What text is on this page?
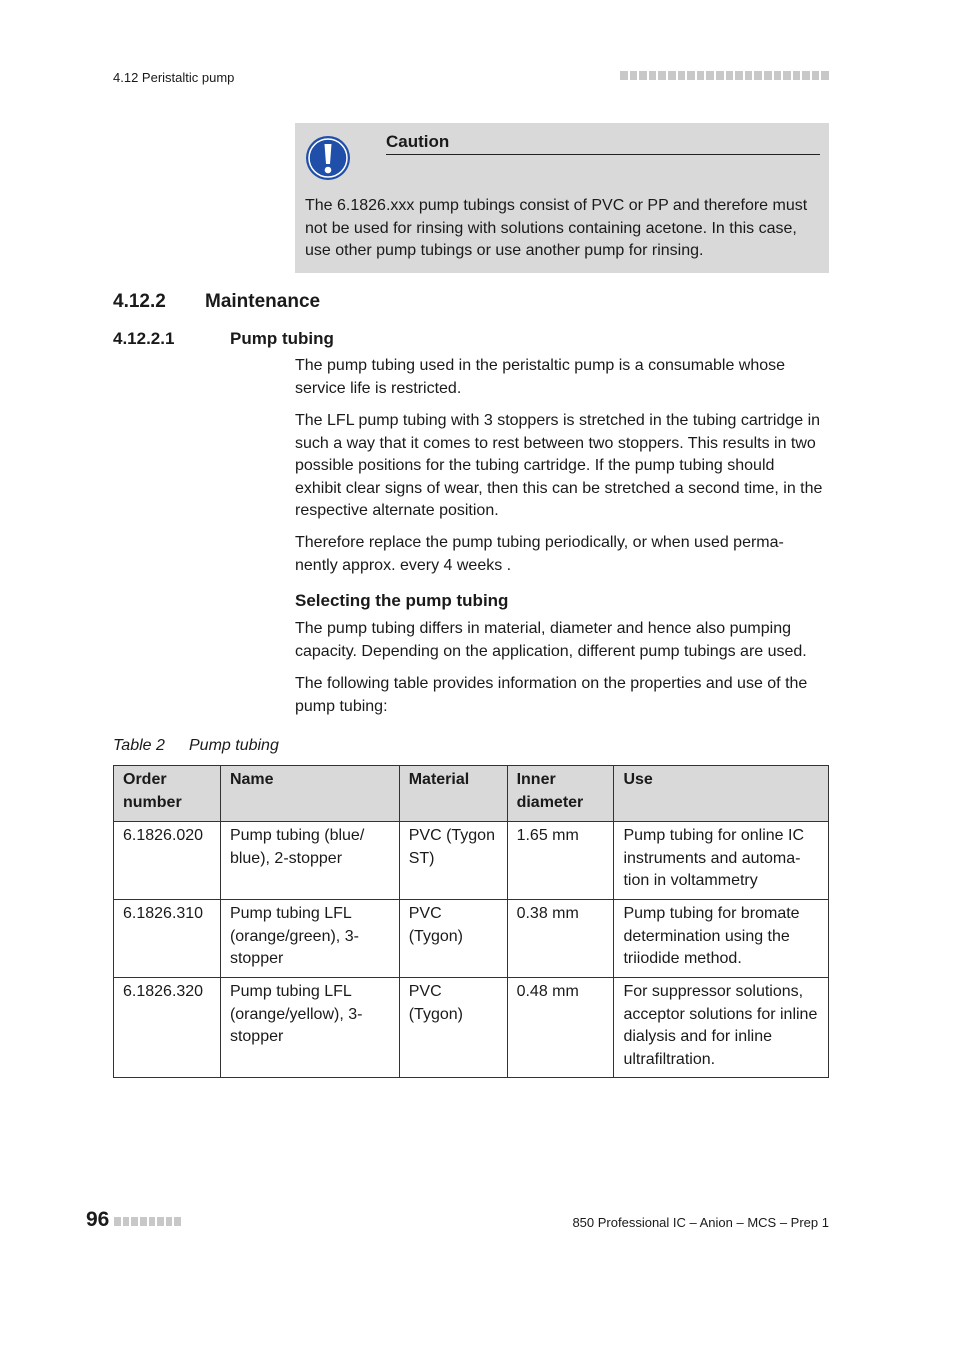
4.12 Peristaltic pump
Caution
The 6.1826.xxx pump tubings consist of PVC or PP and therefore must not be used for rinsing with solutions containing acetone. In this case, use other pump tubings or use another pump for rinsing.
4.12.2 Maintenance
4.12.2.1	Pump tubing
The pump tubing used in the peristaltic pump is a consumable whose service life is restricted.
The LFL pump tubing with 3 stoppers is stretched in the tubing cartridge in such a way that it comes to rest between two stoppers. This results in two possible positions for the tubing cartridge. If the pump tubing should exhibit clear signs of wear, then this can be stretched a second time, in the respective alternate position.
Therefore replace the pump tubing periodically, or when used perma-nently approx. every 4 weeks .
Selecting the pump tubing
The pump tubing differs in material, diameter and hence also pumping capacity. Depending on the application, different pump tubings are used.
The following table provides information on the properties and use of the pump tubing:
Table 2 Pump tubing
Order number	Name	Material	Inner diameter	Use
6.1826.020	Pump tubing (blue/ blue), 2-stopper	PVC (Tygon ST)	1.65 mm	Pump tubing for online IC instruments and automa-tion in voltammetry
6.1826.310	Pump tubing LFL (orange/green), 3-stopper	PVC (Tygon)	0.38 mm	Pump tubing for bromate determination using the triiodide method.
6.1826.320	Pump tubing LFL (orange/yellow), 3-stopper	PVC (Tygon)	0.48 mm	For suppressor solutions, acceptor solutions for inline dialysis and for inline ultrafiltration.
96	850 Professional IC – Anion – MCS – Prep 1
